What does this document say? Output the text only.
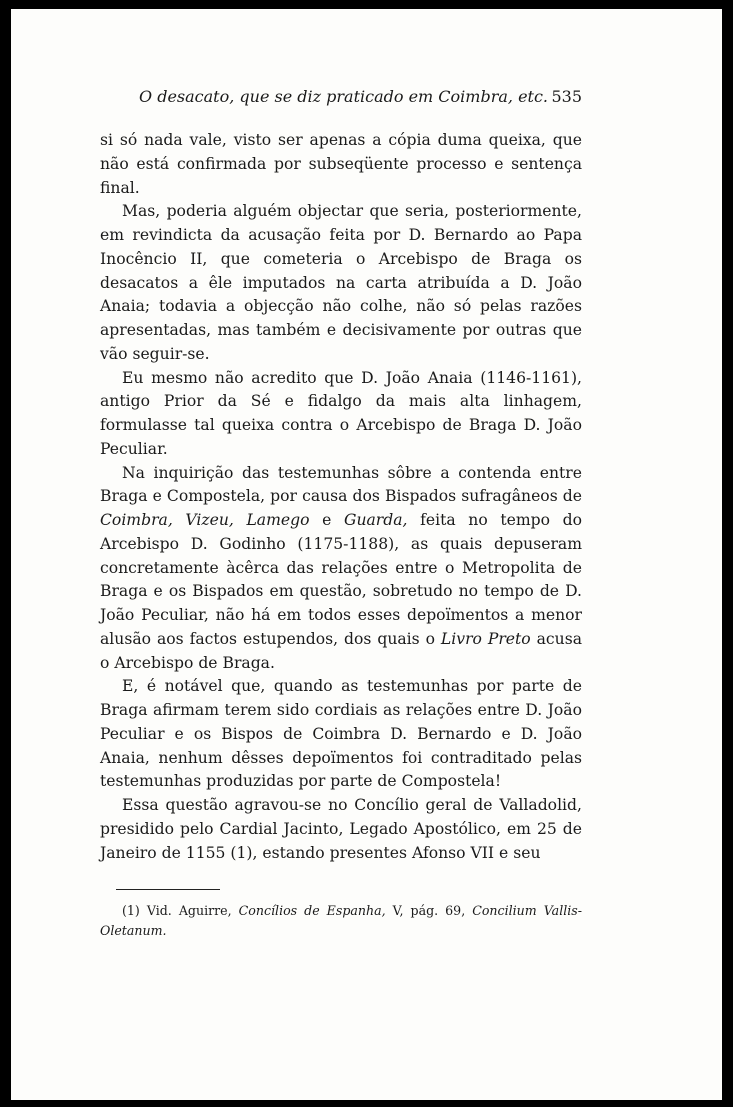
O desacato, que se diz praticado em Coimbra, etc. 535

si só nada vale, visto ser apenas a cópia duma queixa, que não está confirmada por subseqüente processo e sentença final.

Mas, poderia alguém objectar que seria, posteriormente, em revindicta da acusação feita por D. Bernardo ao Papa Inocêncio II, que cometeria o Arcebispo de Braga os desacatos a êle imputados na carta atribuída a D. João Anaia; todavia a objecção não colhe, não só pelas razões apresentadas, mas também e decisivamente por outras que vão seguir-se.

Eu mesmo não acredito que D. João Anaia (1146-1161), antigo Prior da Sé e fidalgo da mais alta linhagem, formulasse tal queixa contra o Arcebispo de Braga D. João Peculiar.

Na inquirição das testemunhas sôbre a contenda entre Braga e Compostela, por causa dos Bispados sufragâneos de Coimbra, Vizeu, Lamego e Guarda, feita no tempo do Arcebispo D. Godinho (1175-1188), as quais depuseram concretamente àcêrca das relações entre o Metropolita de Braga e os Bispados em questão, sobretudo no tempo de D. João Peculiar, não há em todos esses depoïmentos a menor alusão aos factos estupendos, dos quais o Livro Preto acusa o Arcebispo de Braga.

E, é notável que, quando as testemunhas por parte de Braga afirmam terem sido cordiais as relações entre D. João Peculiar e os Bispos de Coimbra D. Bernardo e D. João Anaia, nenhum dêsses depoïmentos foi contraditado pelas testemunhas produzidas por parte de Compostela!

Essa questão agravou-se no Concílio geral de Valladolid, presidido pelo Cardial Jacinto, Legado Apostólico, em 25 de Janeiro de 1155 (1), estando presentes Afonso VII e seu

(1) Vid. Aguirre, Concílios de Espanha, V, pág. 69, Concilium Vallis-Oletanum.
